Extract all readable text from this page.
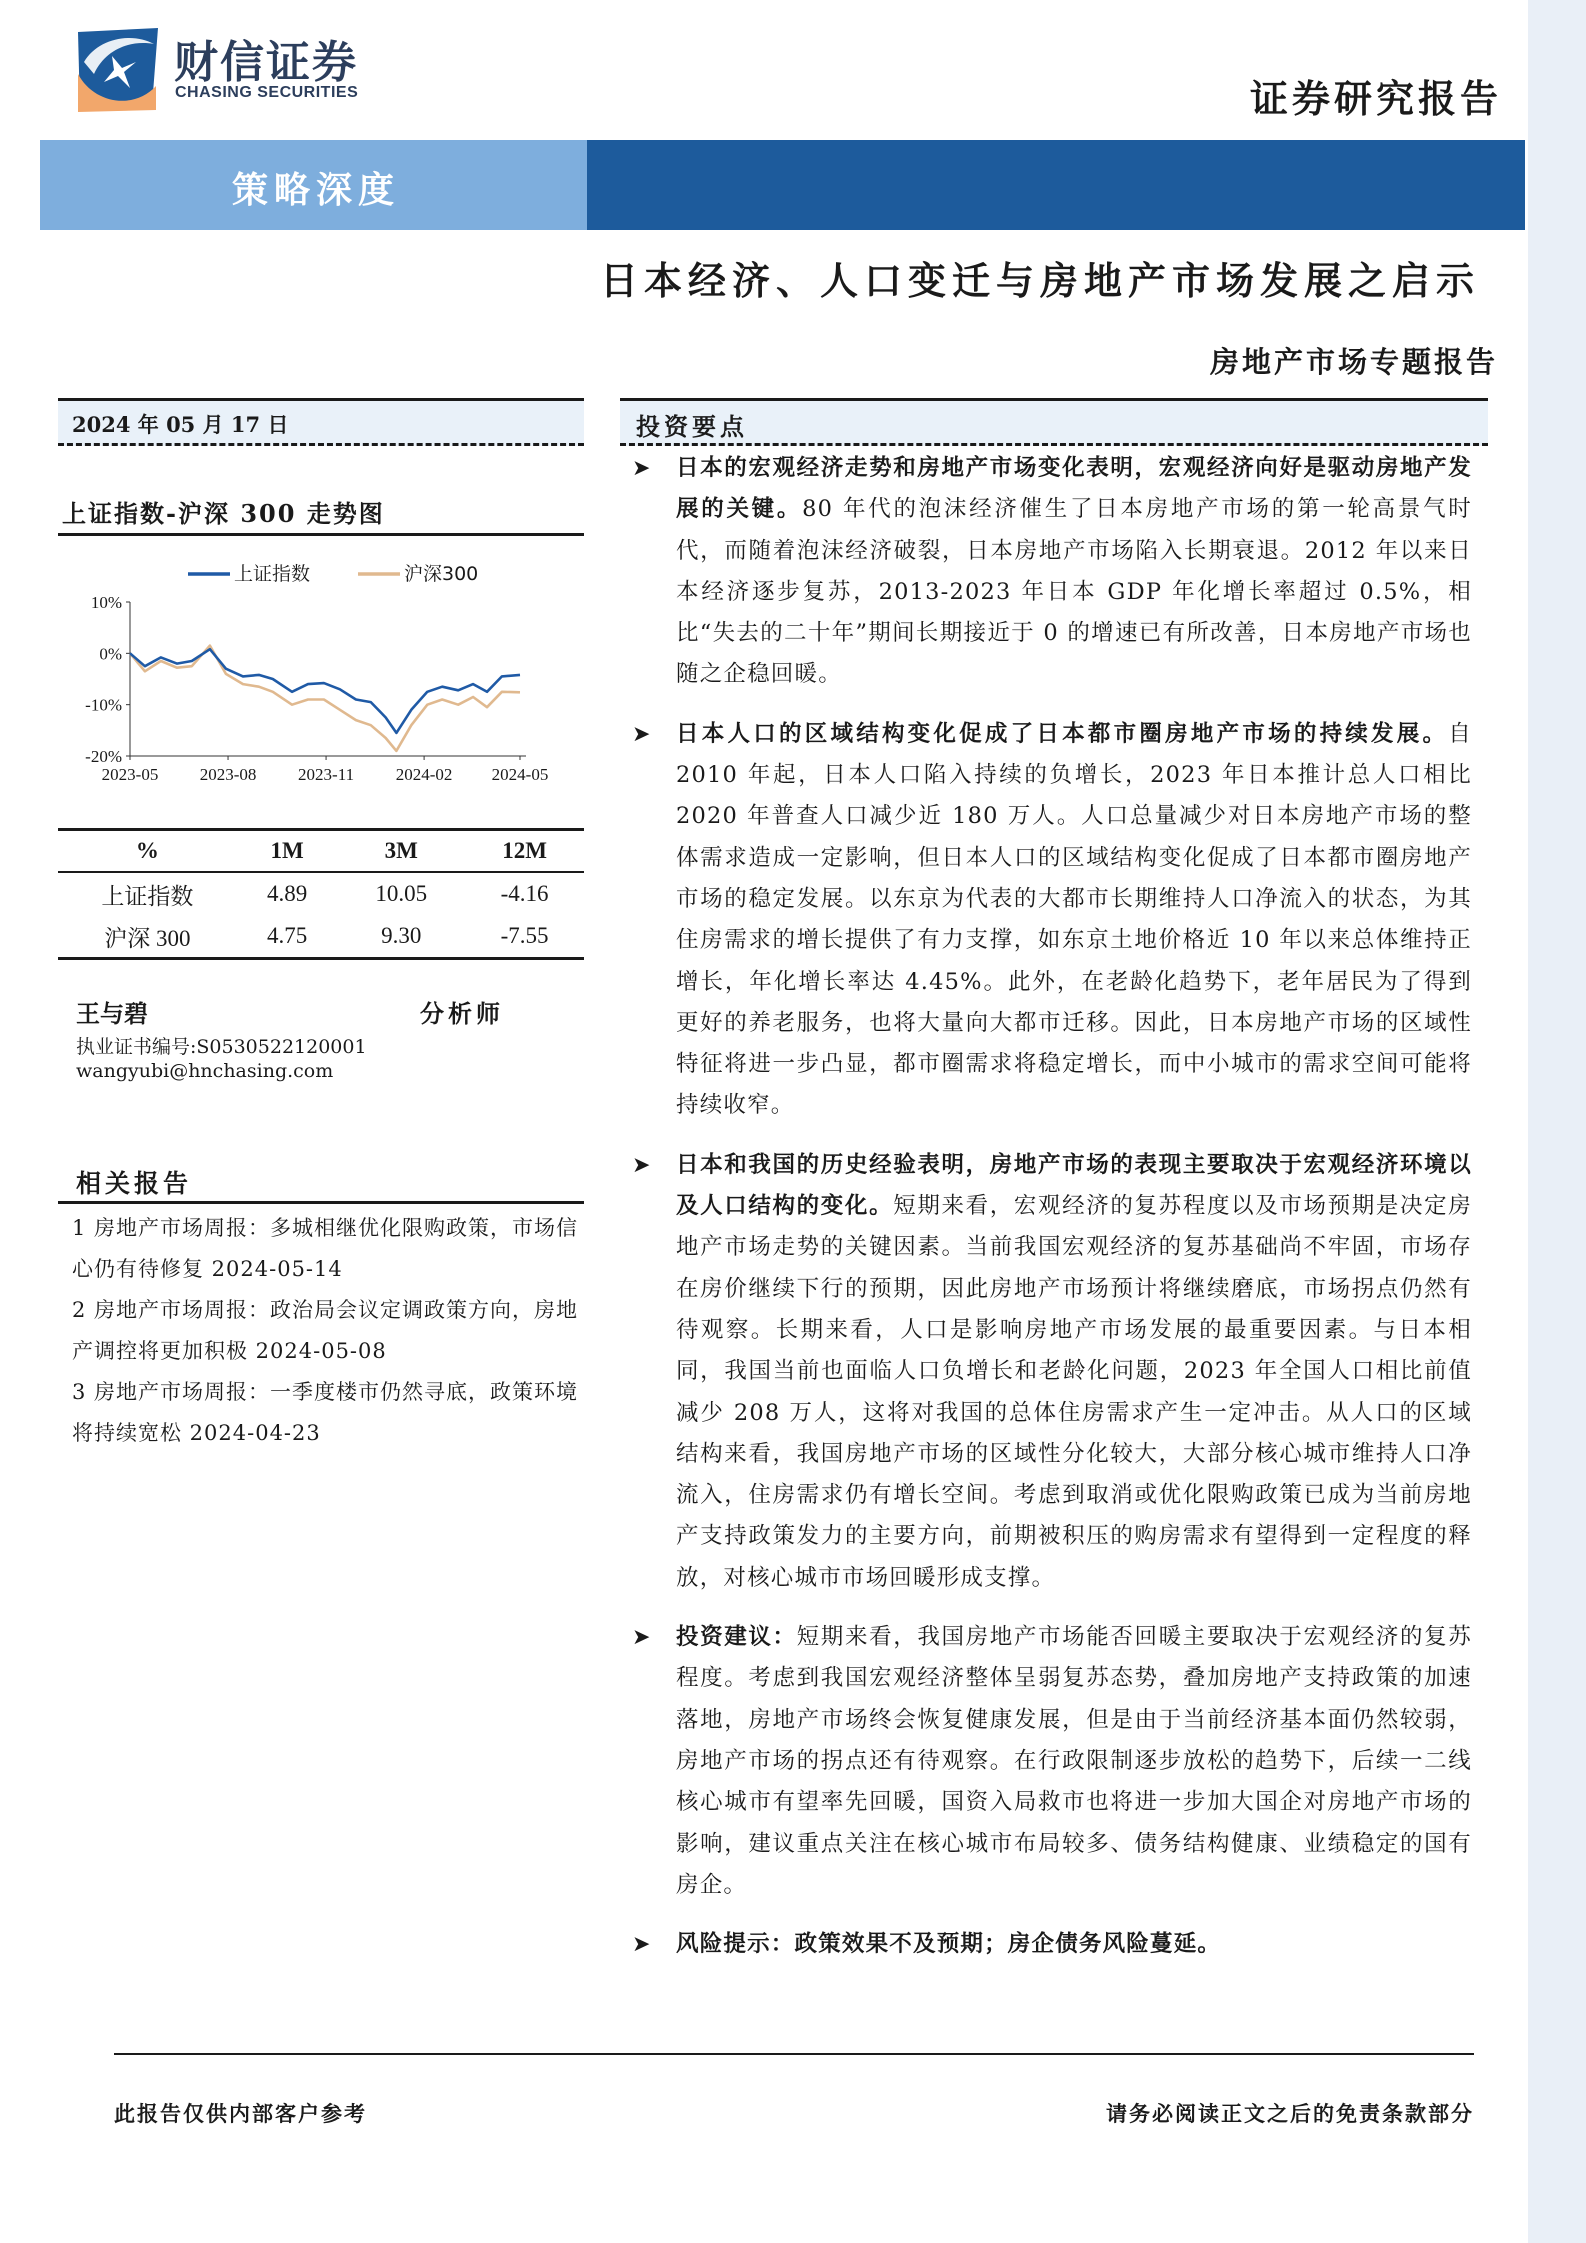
财信证券
CHASING SECURITIES	证券研究报告
策略深度
日本经济、人口变迁与房地产市场发展之启示
房地产市场专题报告
2024 年 05 月 17 日
上证指数-沪深 300 走势图
上证指数	沪深300
10%
0%
-10%
-20%
2023-05 2023-08 2023-11 2024-02 2024-05
%	1M	3M	12M
上证指数	4.89	10.05	-4.16
沪深 300	4.75	9.30	-7.55
王与碧	分析师
执业证书编号:S0530522120001
wangyubi@hnchasing.com
相关报告

1 房地产市场周报：多城相继优化限购政策，市场信心仍有待修复 2024-05-14

2 房地产市场周报：政治局会议定调政策方向，房地产调控将更加积极 2024-05-08

3 房地产市场周报：一季度楼市仍然寻底，政策环境将持续宽松 2024-04-23

投资要点

➤ 日本的宏观经济走势和房地产市场变化表明，宏观经济向好是驱动房地产发展的关键。80 年代的泡沫经济催生了日本房地产市场的第一轮高景气时代，而随着泡沫经济破裂，日本房地产市场陷入长期衰退。2012 年以来日本经济逐步复苏，2013-2023 年日本 GDP 年化增长率超过 0.5%，相比“失去的二十年”期间长期接近于 0 的增速已有所改善，日本房地产市场也随之企稳回暖。

➤ 日本人口的区域结构变化促成了日本都市圈房地产市场的持续发展。自 2010 年起，日本人口陷入持续的负增长，2023 年日本推计总人口相比 2020 年普查人口减少近 180 万人。人口总量减少对日本房地产市场的整体需求造成一定影响，但日本人口的区域结构变化促成了日本都市圈房地产市场的稳定发展。以东京为代表的大都市长期维持人口净流入的状态，为其住房需求的增长提供了有力支撑，如东京土地价格近 10 年以来总体维持正增长，年化增长率达 4.45%。此外，在老龄化趋势下，老年居民为了得到更好的养老服务，也将大量向大都市迁移。因此，日本房地产市场的区域性特征将进一步凸显，都市圈需求将稳定增长，而中小城市的需求空间可能将持续收窄。

➤ 日本和我国的历史经验表明，房地产市场的表现主要取决于宏观经济环境以及人口结构的变化。短期来看，宏观经济的复苏程度以及市场预期是决定房地产市场走势的关键因素。当前我国宏观经济的复苏基础尚不牢固，市场存在房价继续下行的预期，因此房地产市场预计将继续磨底，市场拐点仍然有待观察。长期来看，人口是影响房地产市场发展的最重要因素。与日本相同，我国当前也面临人口负增长和老龄化问题，2023 年全国人口相比前值减少 208 万人，这将对我国的总体住房需求产生一定冲击。从人口的区域结构来看，我国房地产市场的区域性分化较大，大部分核心城市维持人口净流入，住房需求仍有增长空间。考虑到取消或优化限购政策已成为当前房地产支持政策发力的主要方向，前期被积压的购房需求有望得到一定程度的释放，对核心城市市场回暖形成支撑。

➤ 投资建议：短期来看，我国房地产市场能否回暖主要取决于宏观经济的复苏程度。考虑到我国宏观经济整体呈弱复苏态势，叠加房地产支持政策的加速落地，房地产市场终会恢复健康发展，但是由于当前经济基本面仍然较弱，房地产市场的拐点还有待观察。在行政限制逐步放松的趋势下，后续一二线核心城市有望率先回暖，国资入局救市也将进一步加大国企对房地产市场的影响，建议重点关注在核心城市布局较多、债务结构健康、业绩稳定的国有房企。

➤ 风险提示：政策效果不及预期；房企债务风险蔓延。

此报告仅供内部客户参考	请务必阅读正文之后的免责条款部分
